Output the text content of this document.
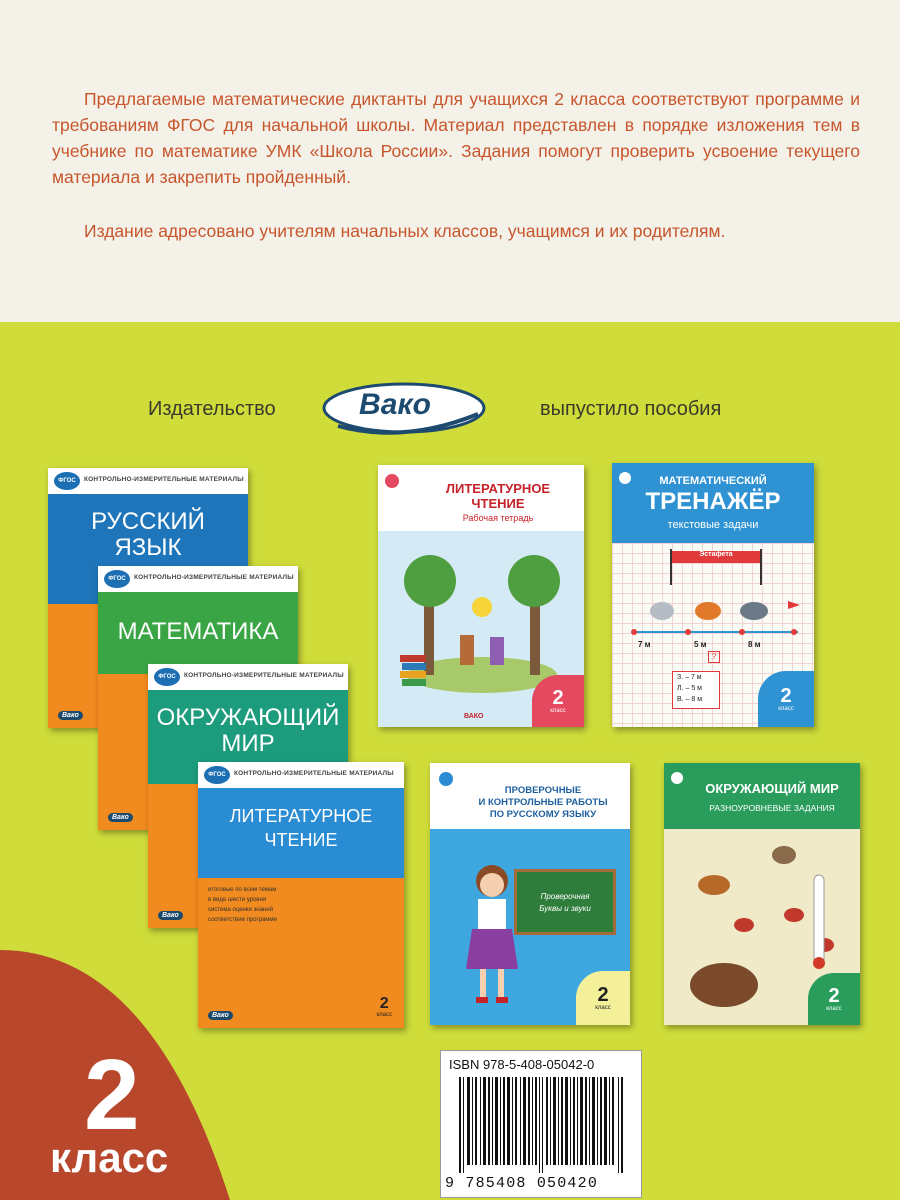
Предлагаемые математические диктанты для учащихся 2 класса соответствуют программе и требованиям ФГОС для начальной школы. Материал представлен в порядке изложения тем в учебнике по математике УМК «Школа России». Задания помогут проверить усвоение текущего материала и закрепить пройденный.

Издание адресовано учителям начальных классов, учащимся и их родителям.

Издательство	Вако	выпустило пособия
ФГОС	КОНТРОЛЬНО-ИЗМЕРИТЕЛЬНЫЕ МАТЕРИАЛЫ
РУССКИЙ
ЯЗЫК
Вако
ФГОС	КОНТРОЛЬНО-ИЗМЕРИТЕЛЬНЫЕ МАТЕРИАЛЫ
МАТЕМАТИКА
Вако
ФГОС	КОНТРОЛЬНО-ИЗМЕРИТЕЛЬНЫЕ МАТЕРИАЛЫ
ОКРУЖАЮЩИЙ
МИР
Вако
ФГОС	КОНТРОЛЬНО-ИЗМЕРИТЕЛЬНЫЕ МАТЕРИАЛЫ
ЛИТЕРАТУРНОЕ
ЧТЕНИЕ
итоговые по всем темам
в виде шести уровня
система оценки знаний
соответствие программе
2
класс
Вако
ЛИТЕРАТУРНОЕ
ЧТЕНИЕ
Рабочая тетрадь
ВАКО
2
класс
МАТЕМАТИЧЕСКИЙ
ТРЕНАЖЁР
текстовые задачи
Эстафета
7 м	5 м	8 м
?
З. – 7 м
Л. – 5 м
В. – 8 м	2
класс
ПРОВЕРОЧНЫЕ
И КОНТРОЛЬНЫЕ РАБОТЫ
ПО РУССКОМУ ЯЗЫКУ
Проверочная
Буквы и звуки
2
класс
ОКРУЖАЮЩИЙ МИР
РАЗНОУРОВНЕВЫЕ ЗАДАНИЯ
2
класс
2
класс
ISBN 978-5-408-05042-0
9 785408 050420
